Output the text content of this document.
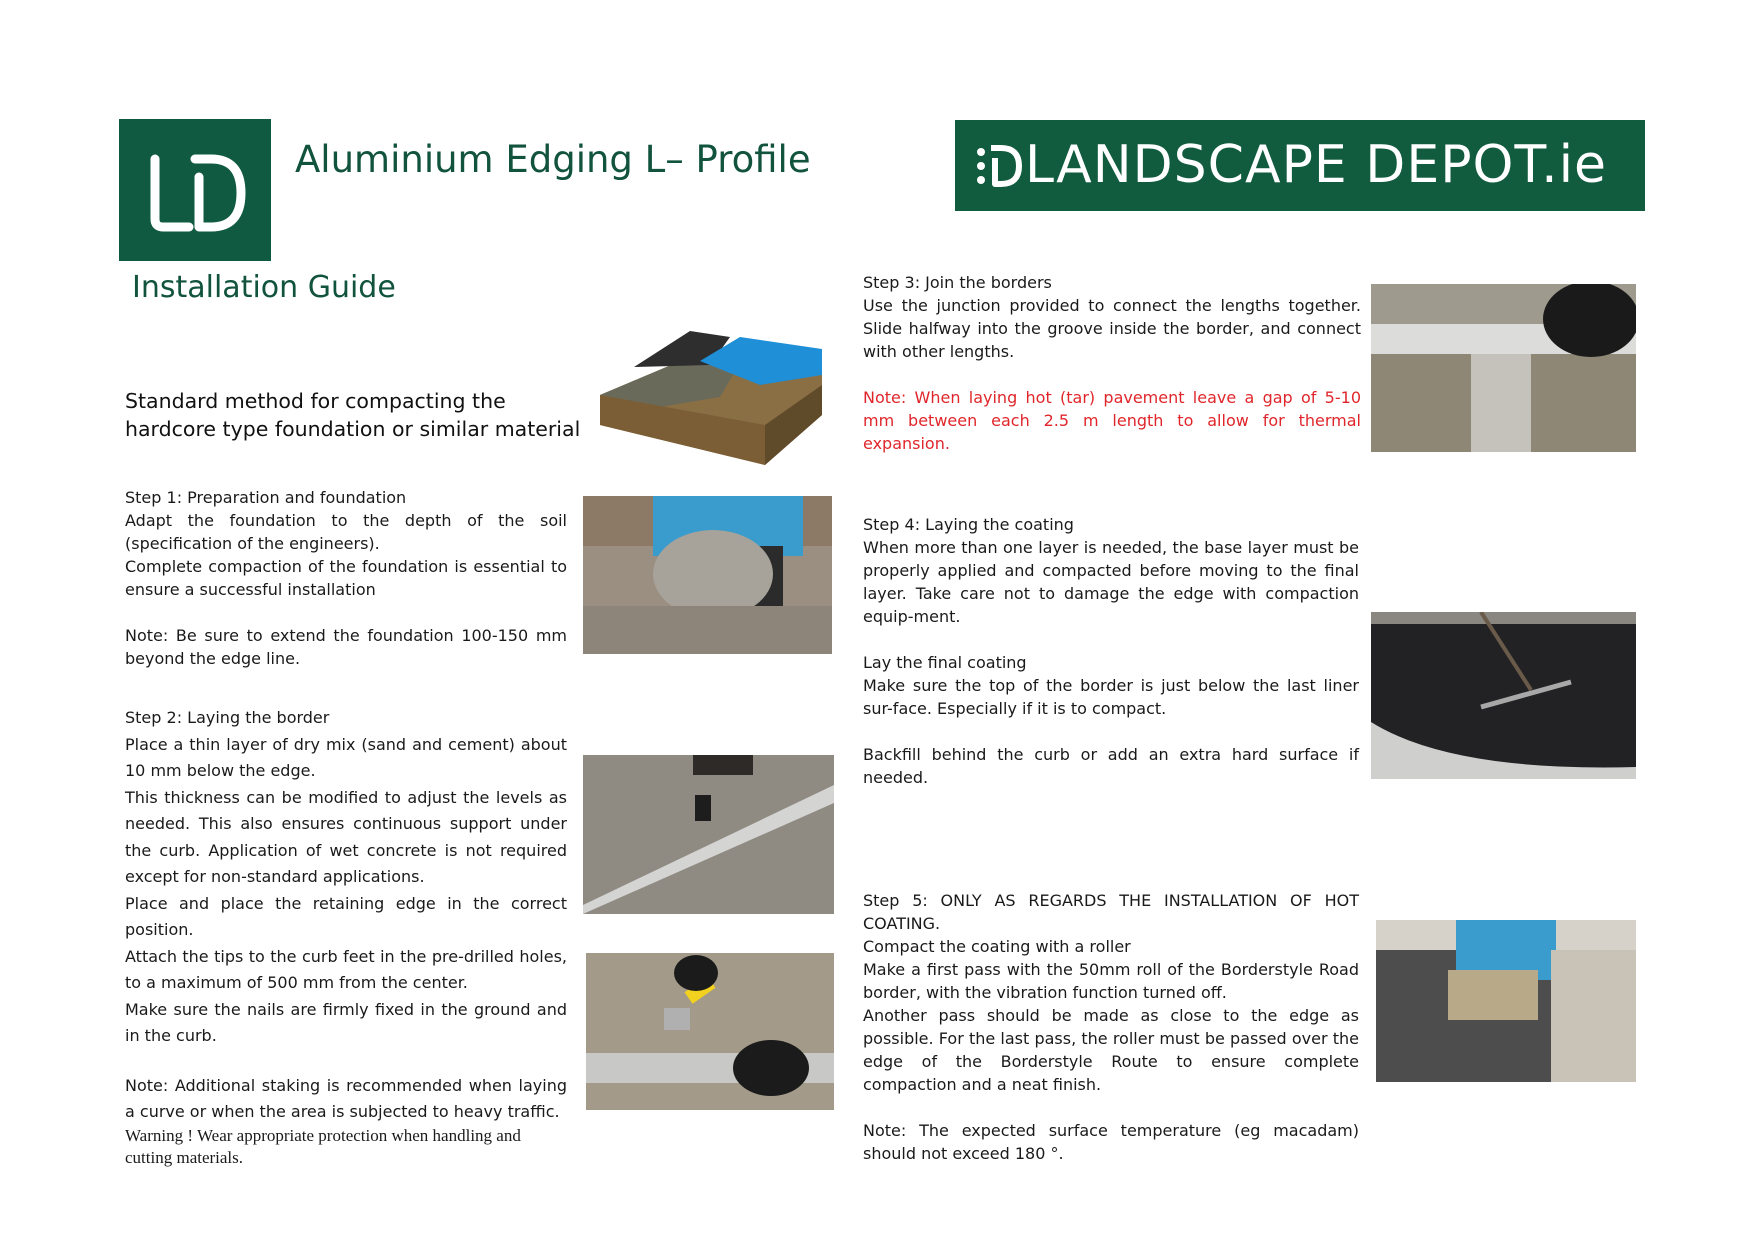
Aluminium Edging L– Profile
Installation Guide
LANDSCAPE DEPOT.ie
Standard method for compacting the hardcore type foundation or similar material

Step 1: Preparation and foundation

Adapt the foundation to the depth of the soil (specification of the engineers).

Complete compaction of the foundation is essential to ensure a successful installation

Note: Be sure to extend the foundation 100-150 mm beyond the edge line.

Step 2: Laying the border

Place a thin layer of dry mix (sand and cement) about 10 mm below the edge.

This thickness can be modified to adjust the levels as needed. This also ensures continuous support under the curb. Application of wet concrete is not required except for non-standard applications.

Place and place the retaining edge in the correct position.

Attach the tips to the curb feet in the pre-drilled holes, to a maximum of 500 mm from the center.

Make sure the nails are firmly fixed in the ground and in the curb.

Note: Additional staking is recommended when laying a curve or when the area is subjected to heavy traffic.

Warning ! Wear appropriate protection when handling and cutting materials.

Step 3: Join the borders

Use the junction provided to connect the lengths together. Slide halfway into the groove inside the border, and connect with other lengths.

Note: When laying hot (tar) pavement leave a gap of 5-10 mm between each 2.5 m length to allow for thermal expansion.

Step 4: Laying the coating

When more than one layer is needed, the base layer must be properly applied and compacted before moving to the final layer. Take care not to damage the edge with compaction equip-ment.

Lay the final coating

Make sure the top of the border is just below the last liner sur-face. Especially if it is to compact.

Backfill behind the curb or add an extra hard surface if needed.

Step 5: ONLY AS REGARDS THE INSTALLATION OF HOT COATING.

Compact the coating with a roller

Make a first pass with the 50mm roll of the Borderstyle Road border, with the vibration function turned off.

Another pass should be made as close to the edge as possible. For the last pass, the roller must be passed over the edge of the Borderstyle Route to ensure complete compaction and a neat finish.

Note: The expected surface temperature (eg macadam) should not exceed 180 °.
